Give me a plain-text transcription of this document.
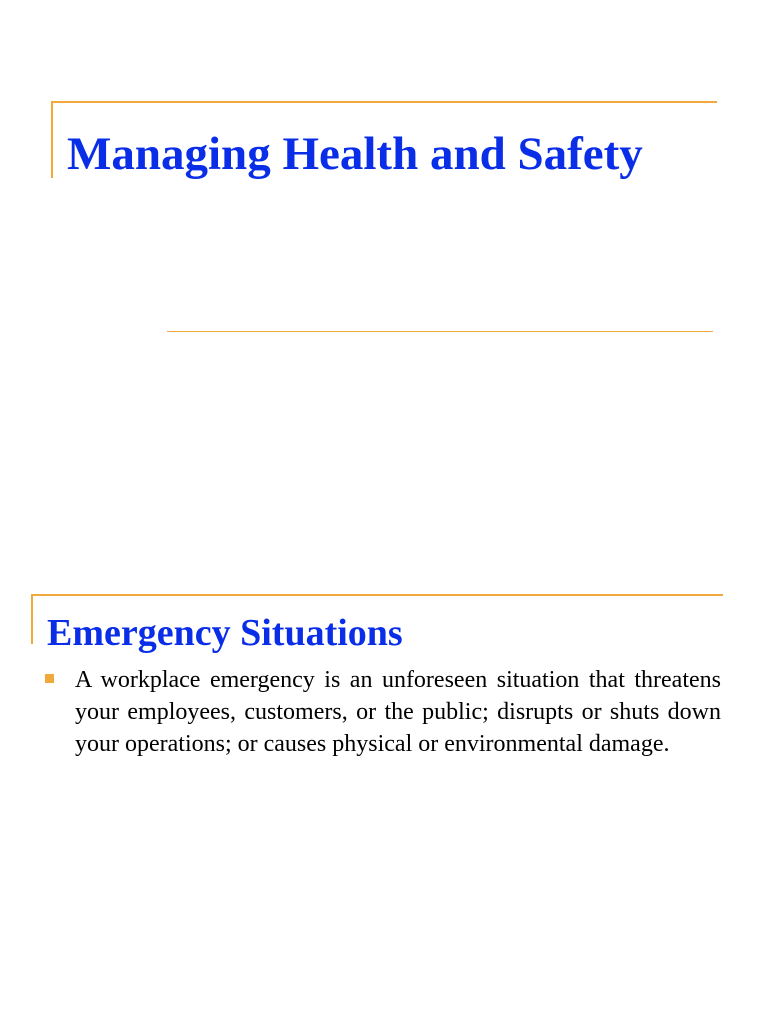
Managing Health and Safety
Emergency Situations

A workplace emergency is an unforeseen situation that threatens your employees, customers, or the public; disrupts or shuts down your operations; or causes physical or environmental damage.
